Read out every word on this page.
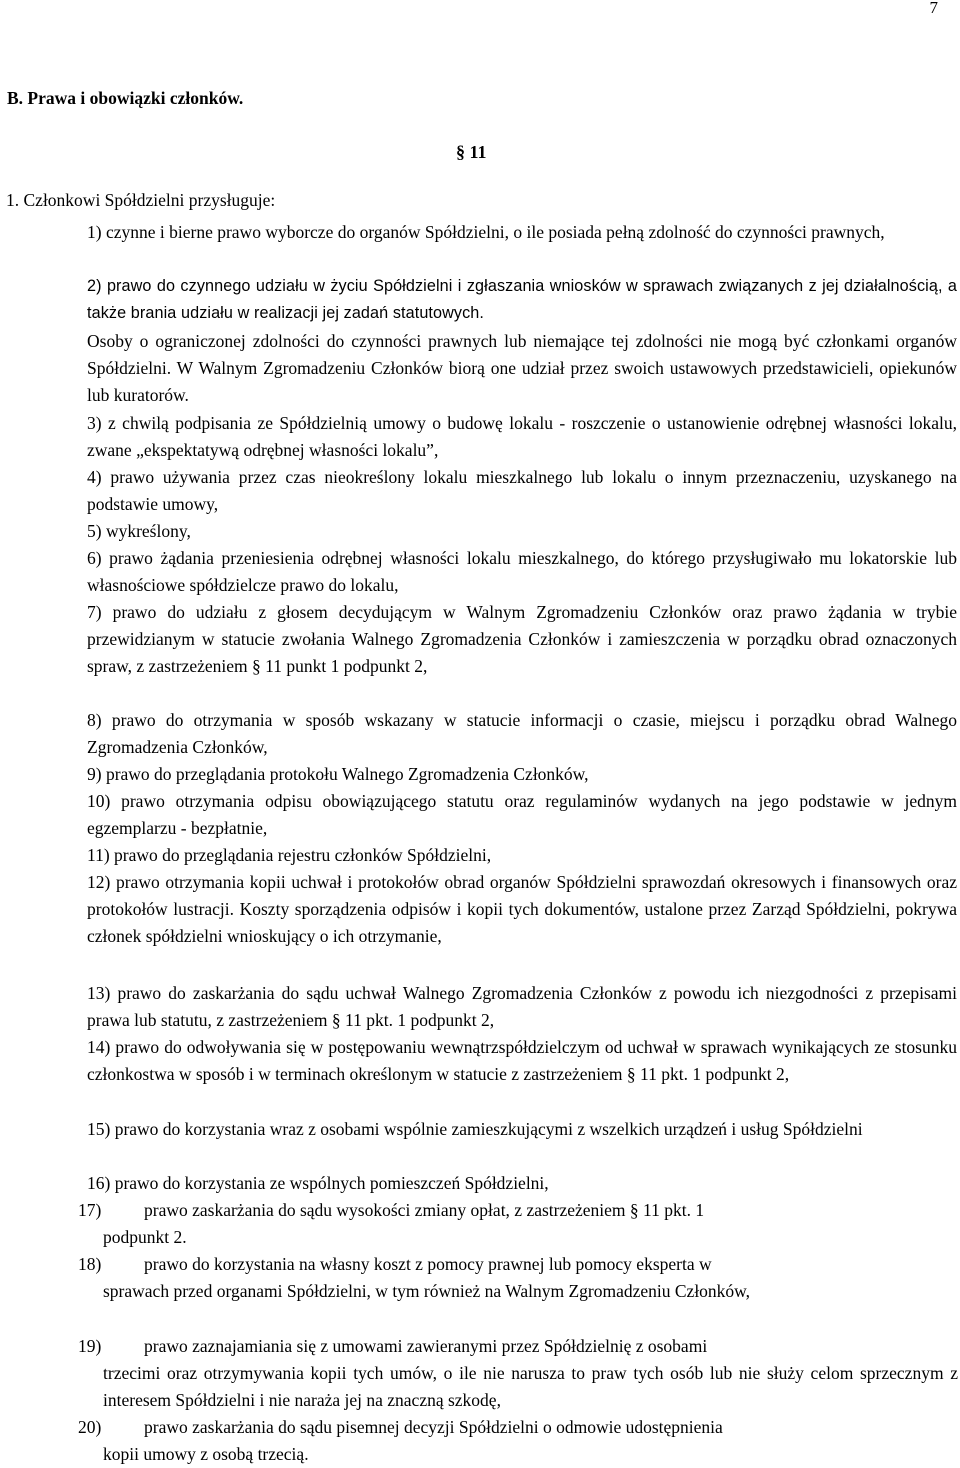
7
B. Prawa i obowiązki członków.
§ 11
1. Członkowi Spółdzielni przysługuje:
1) czynne i bierne prawo wyborcze do organów Spółdzielni, o ile posiada pełną zdolność do czynności prawnych,
2) prawo do czynnego udziału w życiu Spółdzielni i zgłaszania wniosków w sprawach związanych z jej działalnością, a także brania udziału w realizacji jej zadań statutowych.
Osoby o ograniczonej zdolności do czynności prawnych lub niemające tej zdolności nie mogą być członkami organów Spółdzielni. W Walnym Zgromadzeniu Członków biorą one udział przez swoich ustawowych przedstawicieli, opiekunów lub kuratorów.
3) z chwilą podpisania ze Spółdzielnią umowy o budowę lokalu - roszczenie o ustanowienie odrębnej własności lokalu, zwane „ekspektatywą odrębnej własności lokalu”,
4) prawo używania przez czas nieokreślony lokalu mieszkalnego lub lokalu o innym przeznaczeniu, uzyskanego na podstawie umowy,
5) wykreślony,
6) prawo żądania przeniesienia odrębnej własności lokalu mieszkalnego, do którego przysługiwało mu lokatorskie lub własnościowe spółdzielcze prawo do lokalu,
7) prawo do udziału z głosem decydującym w Walnym Zgromadzeniu Członków oraz prawo żądania w trybie przewidzianym w statucie zwołania Walnego Zgromadzenia Członków i zamieszczenia w porządku obrad oznaczonych spraw, z zastrzeżeniem § 11 punkt 1 podpunkt 2,
8) prawo do otrzymania w sposób wskazany w statucie informacji o czasie, miejscu i porządku obrad Walnego Zgromadzenia Członków,
9) prawo do przeglądania protokołu Walnego Zgromadzenia Członków,
10) prawo otrzymania odpisu obowiązującego statutu oraz regulaminów wydanych na jego podstawie w jednym egzemplarzu - bezpłatnie,
11) prawo do przeglądania rejestru członków Spółdzielni,
12) prawo otrzymania kopii uchwał i protokołów obrad organów Spółdzielni sprawozdań okresowych i finansowych oraz protokołów lustracji. Koszty sporządzenia odpisów i kopii tych dokumentów, ustalone przez Zarząd Spółdzielni, pokrywa członek spółdzielni wnioskujący o ich otrzymanie,
13) prawo do zaskarżania do sądu uchwał Walnego Zgromadzenia Członków z powodu ich niezgodności z przepisami prawa lub statutu, z zastrzeżeniem § 11 pkt. 1 podpunkt 2,
14) prawo do odwoływania się w postępowaniu wewnątrzspółdzielczym od uchwał w sprawach wynikających ze stosunku członkostwa w sposób i w terminach określonym w statucie z zastrzeżeniem § 11 pkt. 1 podpunkt 2,
15) prawo do korzystania wraz z osobami wspólnie zamieszkującymi z wszelkich urządzeń i usług Spółdzielni
16) prawo do korzystania ze wspólnych pomieszczeń Spółdzielni,
17) prawo zaskarżania do sądu wysokości zmiany opłat, z zastrzeżeniem § 11 pkt. 1
podpunkt 2.
18) prawo do korzystania na własny koszt z pomocy prawnej lub pomocy eksperta w
sprawach przed organami Spółdzielni, w tym również na Walnym Zgromadzeniu Członków,
19) prawo zaznajamiania się z umowami zawieranymi przez Spółdzielnię z osobami
trzecimi oraz otrzymywania kopii tych umów, o ile nie narusza to praw tych osób lub nie służy celom sprzecznym z interesem Spółdzielni i nie naraża jej na znaczną szkodę,
20) prawo zaskarżania do sądu pisemnej decyzji Spółdzielni o odmowie udostępnienia
kopii umowy z osobą trzecią.
